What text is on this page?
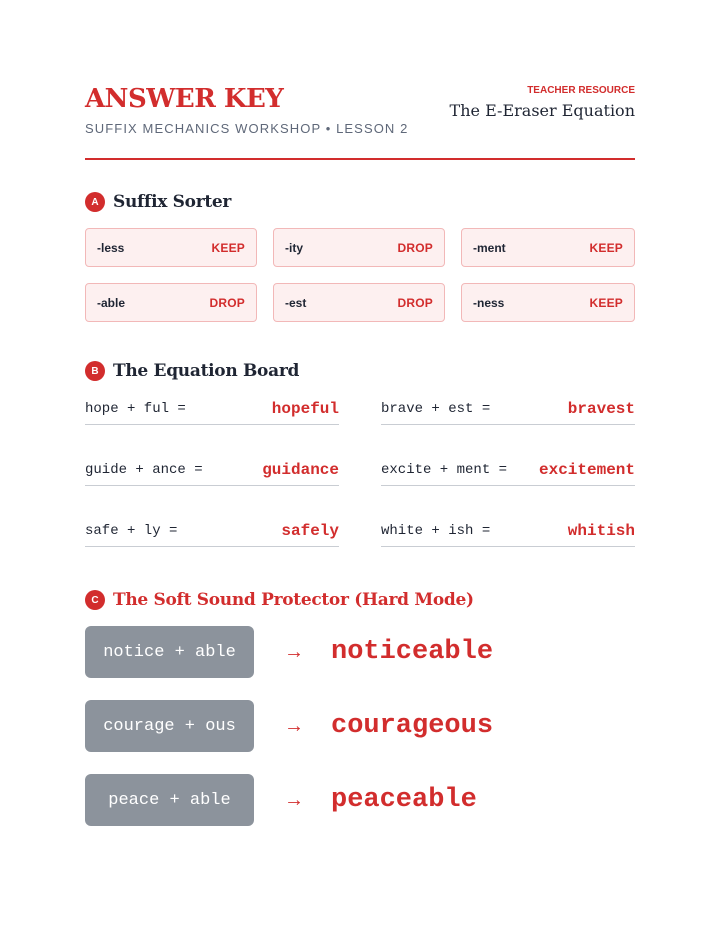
ANSWER KEY
SUFFIX MECHANICS WORKSHOP • LESSON 2
TEACHER RESOURCE
The E-Eraser Equation
A Suffix Sorter
-less	KEEP	-ity	DROP	-ment	KEEP
-able	DROP	-est	DROP	-ness	KEEP
B The Equation Board
hope + ful =	hopeful	brave + est =	bravest
guide + ance =	guidance	excite + ment = excitement
safe + ly =	safely	white + ish =	whitish
C The Soft Sound Protector (Hard Mode)
notice + able	→ noticeable
courage + ous	→ courageous
peace + able	→ peaceable
